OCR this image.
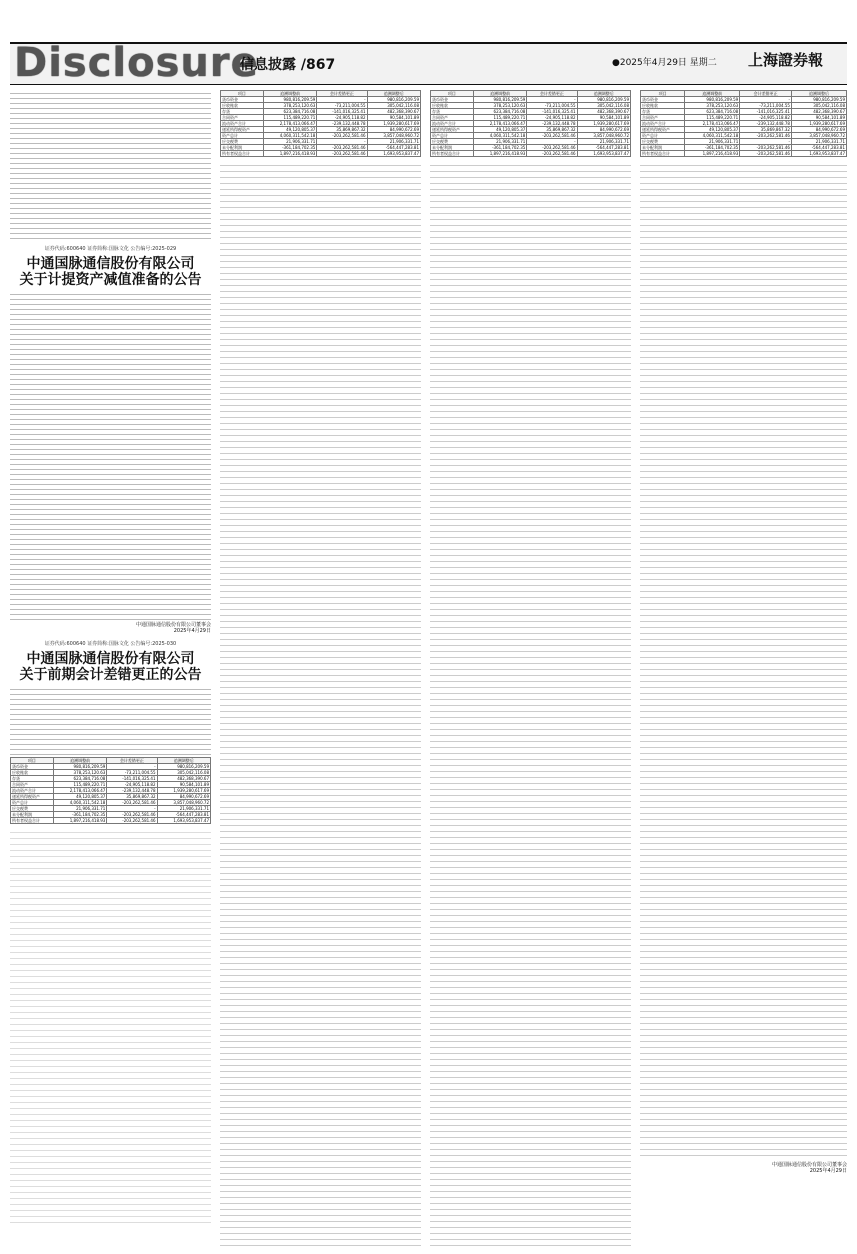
Disclosure
信息披露 /867	●2025年4月29日 星期二 上海證券報
证券代码:600640 证券简称:国脉文化 公告编号:2025-029
中通国脉通信股份有限公司
关于计提资产减值准备的公告
中通国脉通信股份有限公司董事会
2025年4月29日
证券代码:600640 证券简称:国脉文化 公告编号:2025-030
中通国脉通信股份有限公司
关于前期会计差错更正的公告
项目	追溯调整前	会计差错更正	追溯调整后
货币资金	980,816,209.59	-	980,816,209.59
应收账款	378,253,120.63	-73,211,004.55	305,042,116.08
存货	623,384,716.08	-141,016,325.41	482,368,390.67
合同资产	115,489,220.71	-24,905,118.82	90,584,101.89
流动资产合计	2,178,413,066.47	-239,132,448.78	1,939,280,617.69
递延所得税资产	49,120,805.37	35,869,867.32	84,990,672.69
资产总计	4,060,311,542.18	-203,262,581.46	3,857,048,960.72
应交税费	21,906,331.71	-	21,906,331.71
未分配利润	-361,184,702.35	-203,262,581.46	-564,447,283.81
所有者权益合计	1,897,216,418.93	-203,262,581.46	1,693,953,837.47
项目	追溯调整前	会计差错更正	追溯调整后
货币资金	980,816,209.59	-	980,816,209.59
应收账款	378,253,120.63	-73,211,004.55	305,042,116.08
存货	623,384,716.08	-141,016,325.41	482,368,390.67
合同资产	115,489,220.71	-24,905,118.82	90,584,101.89
流动资产合计	2,178,413,066.47	-239,132,448.78	1,939,280,617.69
递延所得税资产	49,120,805.37	35,869,867.32	84,990,672.69
资产总计	4,060,311,542.18	-203,262,581.46	3,857,048,960.72
应交税费	21,906,331.71	-	21,906,331.71
未分配利润	-361,184,702.35	-203,262,581.46	-564,447,283.81
所有者权益合计	1,897,216,418.93	-203,262,581.46	1,693,953,837.47
项目	追溯调整前	会计差错更正	追溯调整后
货币资金	980,816,209.59	-	980,816,209.59
应收账款	378,253,120.63	-73,211,004.55	305,042,116.08
存货	623,384,716.08	-141,016,325.41	482,368,390.67
合同资产	115,489,220.71	-24,905,118.82	90,584,101.89
流动资产合计	2,178,413,066.47	-239,132,448.78	1,939,280,617.69
递延所得税资产	49,120,805.37	35,869,867.32	84,990,672.69
资产总计	4,060,311,542.18	-203,262,581.46	3,857,048,960.72
应交税费	21,906,331.71	-	21,906,331.71
未分配利润	-361,184,702.35	-203,262,581.46	-564,447,283.81
所有者权益合计	1,897,216,418.93	-203,262,581.46	1,693,953,837.47
项目	追溯调整前	会计差错更正	追溯调整后
货币资金	980,816,209.59	-	980,816,209.59
应收账款	378,253,120.63	-73,211,004.55	305,042,116.08
存货	623,384,716.08	-141,016,325.41	482,368,390.67
合同资产	115,489,220.71	-24,905,118.82	90,584,101.89
流动资产合计	2,178,413,066.47	-239,132,448.78	1,939,280,617.69
递延所得税资产	49,120,805.37	35,869,867.32	84,990,672.69
资产总计	4,060,311,542.18	-203,262,581.46	3,857,048,960.72
应交税费	21,906,331.71	-	21,906,331.71
未分配利润	-361,184,702.35	-203,262,581.46	-564,447,283.81
所有者权益合计	1,897,216,418.93	-203,262,581.46	1,693,953,837.47
中通国脉通信股份有限公司董事会
2025年4月29日
